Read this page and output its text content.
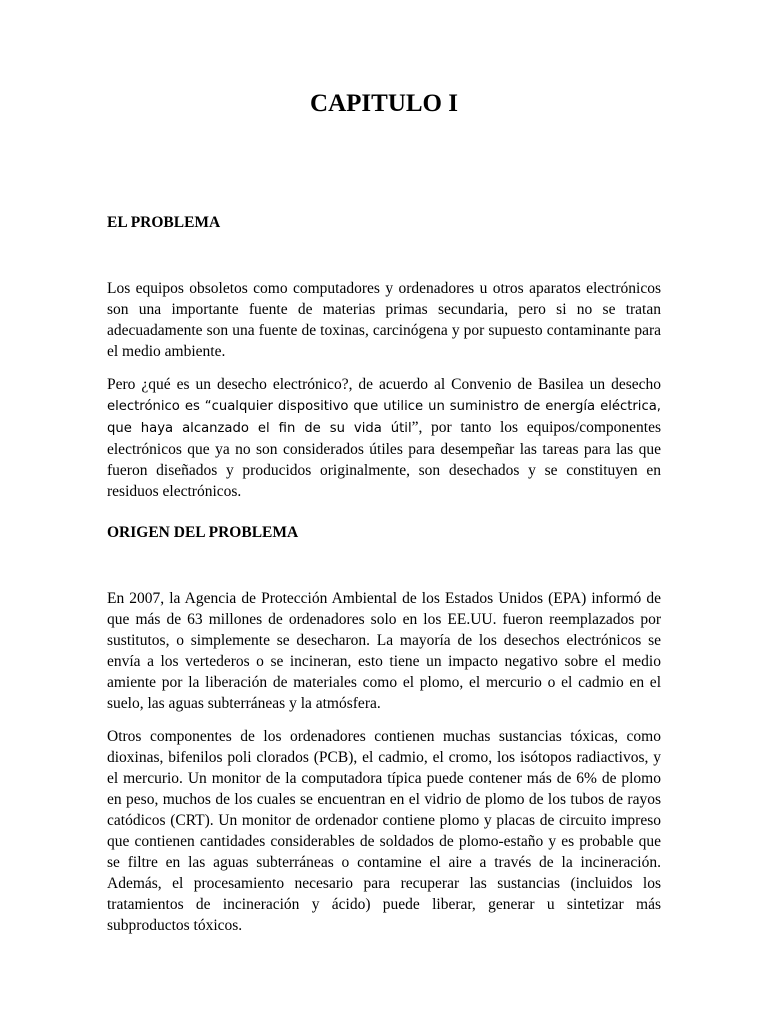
CAPITULO I
EL PROBLEMA

Los equipos obsoletos como computadores y ordenadores u otros aparatos electrónicos son una importante fuente de materias primas secundaria, pero si no se tratan adecuadamente son una fuente de toxinas, carcinógena y por supuesto contaminante para el medio ambiente.

Pero ¿qué es un desecho electrónico?, de acuerdo al Convenio de Basilea un desecho electrónico es “cualquier dispositivo que utilice un suministro de energía eléctrica, que haya alcanzado el fin de su vida útil”, por tanto los equipos/componentes electrónicos que ya no son considerados útiles para desempeñar las tareas para las que fueron diseñados y producidos originalmente, son desechados y se constituyen en residuos electrónicos.

ORIGEN DEL PROBLEMA

En 2007, la Agencia de Protección Ambiental de los Estados Unidos (EPA) informó de que más de 63 millones de ordenadores solo en los EE.UU. fueron reemplazados por sustitutos, o simplemente se desecharon. La mayoría de los desechos electrónicos se envía a los vertederos o se incineran, esto tiene un impacto negativo sobre el medio amiente por la liberación de materiales como el plomo, el mercurio o el cadmio en el suelo, las aguas subterráneas y la atmósfera.

Otros componentes de los ordenadores contienen muchas sustancias tóxicas, como dioxinas, bifenilos poli clorados (PCB), el cadmio, el cromo, los isótopos radiactivos, y el mercurio. Un monitor de la computadora típica puede contener más de 6% de plomo en peso, muchos de los cuales se encuentran en el vidrio de plomo de los tubos de rayos catódicos (CRT). Un monitor de ordenador contiene plomo y placas de circuito impreso que contienen cantidades considerables de soldados de plomo-estaño y es probable que se filtre en las aguas subterráneas o contamine el aire a través de la incineración. Además, el procesamiento necesario para recuperar las sustancias (incluidos los tratamientos de incineración y ácido) puede liberar, generar u sintetizar más subproductos tóxicos.
